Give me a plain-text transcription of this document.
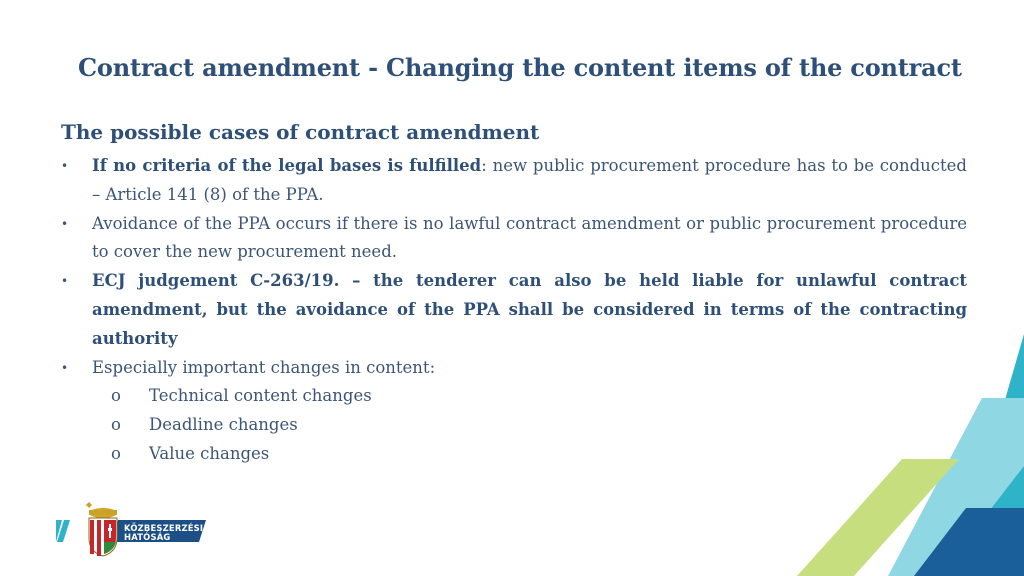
Contract amendment - Changing the content items of the contract
The possible cases of contract amendment
•	If no criteria of the legal bases is fulfilled: new public procurement procedure has to be conducted – Article 141 (8) of the PPA.
•	Avoidance of the PPA occurs if there is no lawful contract amendment or public procurement procedure to cover the new procurement need.
•	ECJ judgement C-263/19. – the tenderer can also be held liable for unlawful contract amendment, but the avoidance of the PPA shall be considered in terms of the contracting authority
•	Especially important changes in content:
o Technical content changes
o Deadline changes
o Value changes
KÖZBESZERZÉSI
HATÓSÁG
